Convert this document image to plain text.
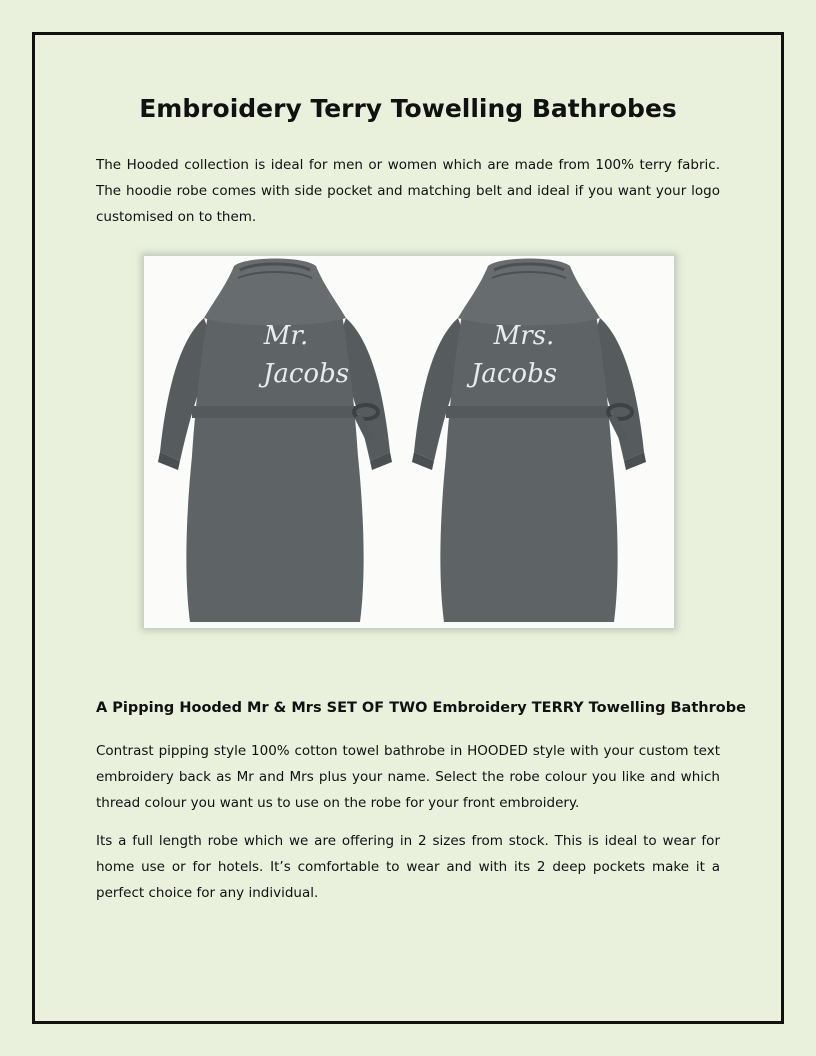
Embroidery Terry Towelling Bathrobes

The Hooded collection is ideal for men or women which are made from 100% terry fabric. The hoodie robe comes with side pocket and matching belt and ideal if you want your logo customised on to them.

Mr.
Jacobs
Mrs.
Jacobs
A Pipping Hooded Mr & Mrs SET OF TWO Embroidery TERRY Towelling Bathrobe

Contrast pipping style 100% cotton towel bathrobe in HOODED style with your custom text embroidery back as Mr and Mrs plus your name. Select the robe colour you like and which thread colour you want us to use on the robe for your front embroidery.

Its a full length robe which we are offering in 2 sizes from stock. This is ideal to wear for home use or for hotels. It’s comfortable to wear and with its 2 deep pockets make it a perfect choice for any individual.
